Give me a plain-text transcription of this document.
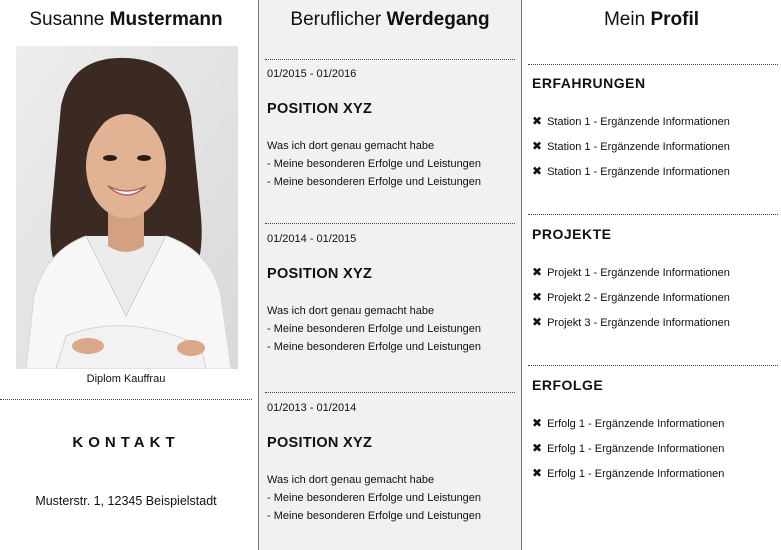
Susanne Mustermann
Diplom Kauffrau
KONTAKT
Musterstr. 1, 12345 Beispielstadt
Beruflicher Werdegang
01/2015 - 01/2016
POSITION XYZ
Was ich dort genau gemacht habe
- Meine besonderen Erfolge und Leistungen
- Meine besonderen Erfolge und Leistungen
01/2014 - 01/2015
POSITION XYZ
Was ich dort genau gemacht habe
- Meine besonderen Erfolge und Leistungen
- Meine besonderen Erfolge und Leistungen
01/2013 - 01/2014
POSITION XYZ
Was ich dort genau gemacht habe
- Meine besonderen Erfolge und Leistungen
- Meine besonderen Erfolge und Leistungen
Mein Profil
ERFAHRUNGEN
✖ Station 1 - Ergänzende Informationen
✖ Station 1 - Ergänzende Informationen
✖ Station 1 - Ergänzende Informationen
PROJEKTE
✖ Projekt 1 - Ergänzende Informationen
✖ Projekt 2 - Ergänzende Informationen
✖ Projekt 3 - Ergänzende Informationen
ERFOLGE
✖ Erfolg 1 - Ergänzende Informationen
✖ Erfolg 1 - Ergänzende Informationen
✖ Erfolg 1 - Ergänzende Informationen
